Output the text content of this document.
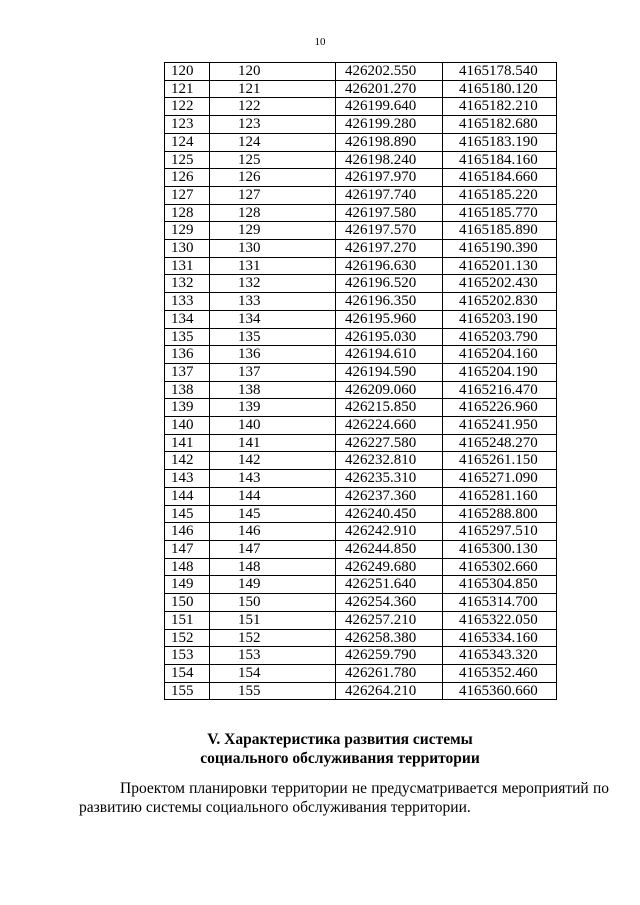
10
120	120	426202.550	4165178.540
121	121	426201.270	4165180.120
122	122	426199.640	4165182.210
123	123	426199.280	4165182.680
124	124	426198.890	4165183.190
125	125	426198.240	4165184.160
126	126	426197.970	4165184.660
127	127	426197.740	4165185.220
128	128	426197.580	4165185.770
129	129	426197.570	4165185.890
130	130	426197.270	4165190.390
131	131	426196.630	4165201.130
132	132	426196.520	4165202.430
133	133	426196.350	4165202.830
134	134	426195.960	4165203.190
135	135	426195.030	4165203.790
136	136	426194.610	4165204.160
137	137	426194.590	4165204.190
138	138	426209.060	4165216.470
139	139	426215.850	4165226.960
140	140	426224.660	4165241.950
141	141	426227.580	4165248.270
142	142	426232.810	4165261.150
143	143	426235.310	4165271.090
144	144	426237.360	4165281.160
145	145	426240.450	4165288.800
146	146	426242.910	4165297.510
147	147	426244.850	4165300.130
148	148	426249.680	4165302.660
149	149	426251.640	4165304.850
150	150	426254.360	4165314.700
151	151	426257.210	4165322.050
152	152	426258.380	4165334.160
153	153	426259.790	4165343.320
154	154	426261.780	4165352.460
155	155	426264.210	4165360.660
V. Характеристика развития системы
социального обслуживания территории
Проектом планировки территории не предусматривается мероприятий по развитию системы социального обслуживания территории.
